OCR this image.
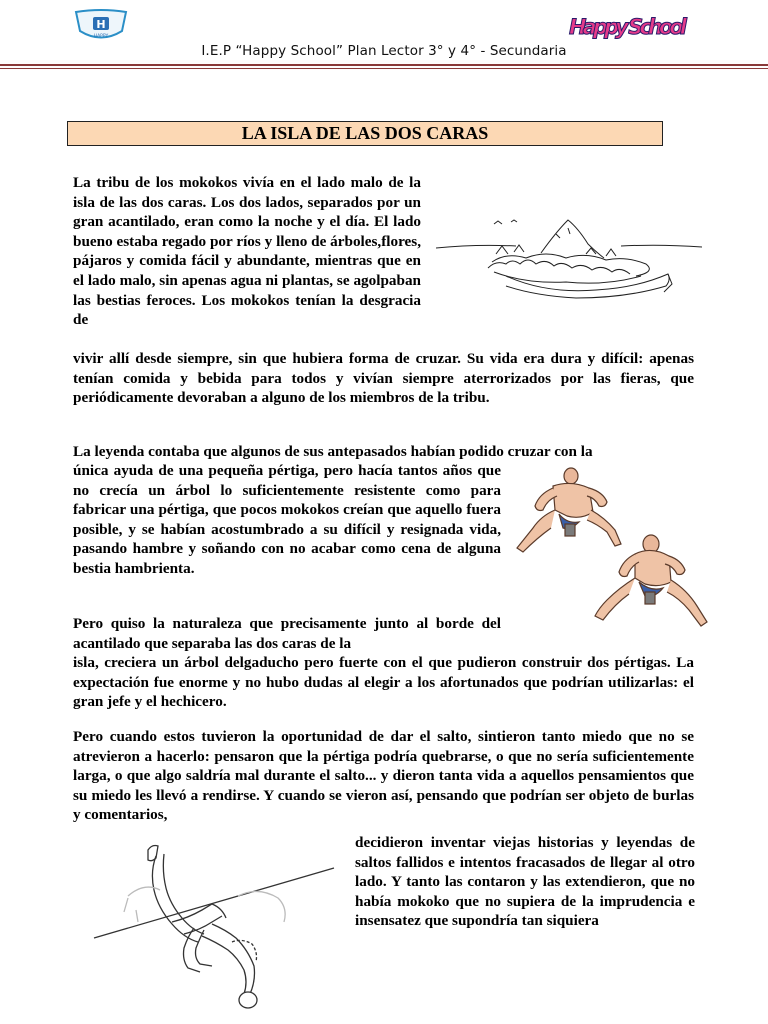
H
HAPPY	Happy School
I.E.P “Happy School” Plan Lector 3° y 4° - Secundaria
LA ISLA DE LAS DOS CARAS

La tribu de los mokokos vivía en el lado malo de la isla de las dos caras. Los dos lados, separados por un gran acantilado, eran como la noche y el día. El lado bueno estaba regado por ríos y lleno de árboles,flores, pájaros y comida fácil y abundante, mientras que en el lado malo, sin apenas agua ni plantas, se agolpaban las bestias feroces. Los mokokos tenían la desgracia de

vivir allí desde siempre, sin que hubiera forma de cruzar. Su vida era dura y difícil: apenas tenían comida y bebida para todos y vivían siempre aterrorizados por las fieras, que periódicamente devoraban a alguno de los miembros de la tribu.

La leyenda contaba que algunos de sus antepasados habían podido cruzar con la

única ayuda de una pequeña pértiga, pero hacía tantos años que no crecía un árbol lo suficientemente resistente como para fabricar una pértiga, que pocos mokokos creían que aquello fuera posible, y se habían acostumbrado a su difícil y resignada vida, pasando hambre y soñando con no acabar como cena de alguna bestia hambrienta.

Pero quiso la naturaleza que precisamente junto al borde del acantilado que separaba las dos caras de la

isla, creciera un árbol delgaducho pero fuerte con el que pudieron construir dos pértigas. La expectación fue enorme y no hubo dudas al elegir a los afortunados que podrían utilizarlas: el gran jefe y el hechicero.

Pero cuando estos tuvieron la oportunidad de dar el salto, sintieron tanto miedo que no se atrevieron a hacerlo: pensaron que la pértiga podría quebrarse, o que no sería suficientemente larga, o que algo saldría mal durante el salto... y dieron tanta vida a aquellos pensamientos que su miedo les llevó a rendirse. Y cuando se vieron así, pensando que podrían ser objeto de burlas y comentarios,

decidieron inventar viejas historias y leyendas de saltos fallidos e intentos fracasados de llegar al otro lado. Y tanto las contaron y las extendieron, que no había mokoko que no supiera de la imprudencia e insensatez que supondría tan siquiera
